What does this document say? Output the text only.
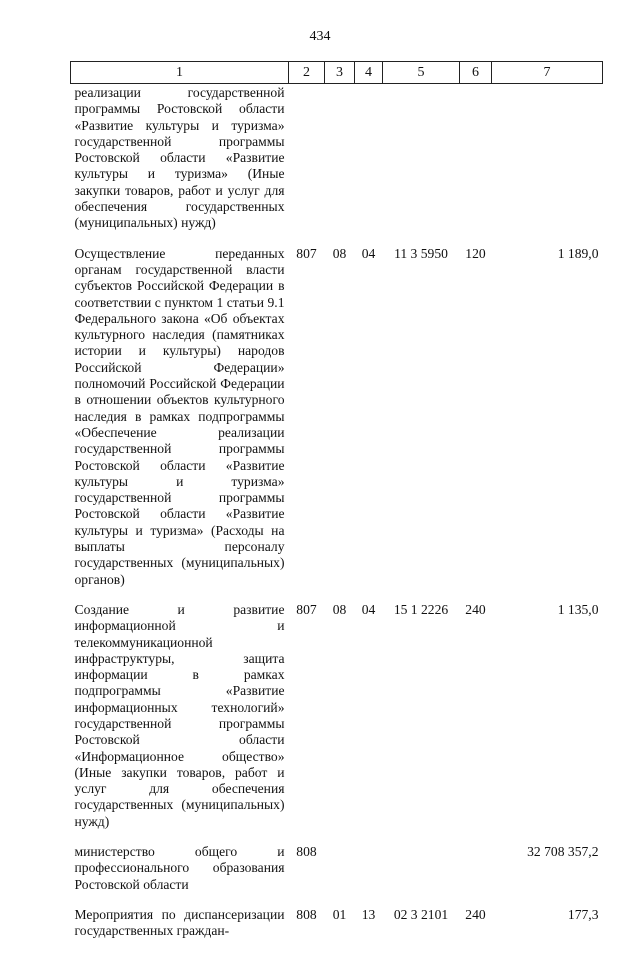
434
1	2	3	4	5	6	7
реализации государственной программы Ростовской области «Развитие культуры и туризма» государственной программы Ростовской области «Развитие культуры и туризма» (Иные закупки товаров, работ и услуг для обеспечения государственных (муниципальных) нужд)						
Осуществление переданных органам государственной власти субъектов Российской Федерации в соответствии с пунктом 1 статьи 9.1 Федерального закона «Об объектах культурного наследия (памятниках истории и культуры) народов Российской Федерации» полномочий Российской Федерации в отношении объектов культурного наследия в рамках подпрограммы «Обеспечение реализации государственной программы Ростовской области «Развитие культуры и туризма» государственной программы Ростовской области «Развитие культуры и туризма» (Расходы на выплаты персоналу государственных (муниципальных) органов)	807	08	04	11 3 5950	120	1 189,0
Создание и развитие информационной и телекоммуникационной инфраструктуры, защита информации в рамках подпрограммы «Развитие информационных технологий» государственной программы Ростовской области «Информационное общество» (Иные закупки товаров, работ и услуг для обеспечения государственных (муниципальных) нужд)	807	08	04	15 1 2226	240	1 135,0
министерство общего и профессионального образования Ростовской области	808					32 708 357,2
Мероприятия по диспансеризации государственных граждан-	808	01	13	02 3 2101	240	177,3
